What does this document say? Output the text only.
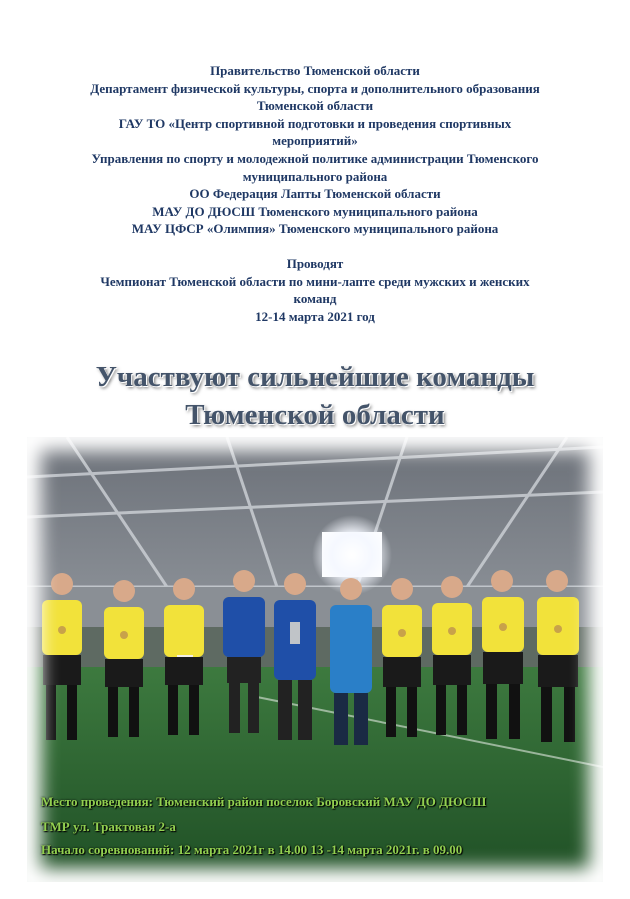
Правительство Тюменской области
Департамент физической культуры, спорта и дополнительного образования
Тюменской области
ГАУ ТО «Центр спортивной подготовки и проведения спортивных
мероприятий»
Управления по спорту и молодежной политике администрации Тюменского
муниципального района
ОО Федерация Лапты Тюменской области
МАУ ДО ДЮСШ Тюменского муниципального района
МАУ ЦФСР «Олимпия» Тюменского муниципального района
Проводят
Чемпионат Тюменской области по мини-лапте среди мужских и женских
команд
12-14 марта 2021 год
Участвуют сильнейшие команды
Тюменской области
Место проведения: Тюменский район поселок Боровский МАУ ДО ДЮСШ
ТМР ул. Трактовая 2-а
Начало соревнований: 12 марта 2021г в 14.00 13 -14 марта 2021г. в 09.00
